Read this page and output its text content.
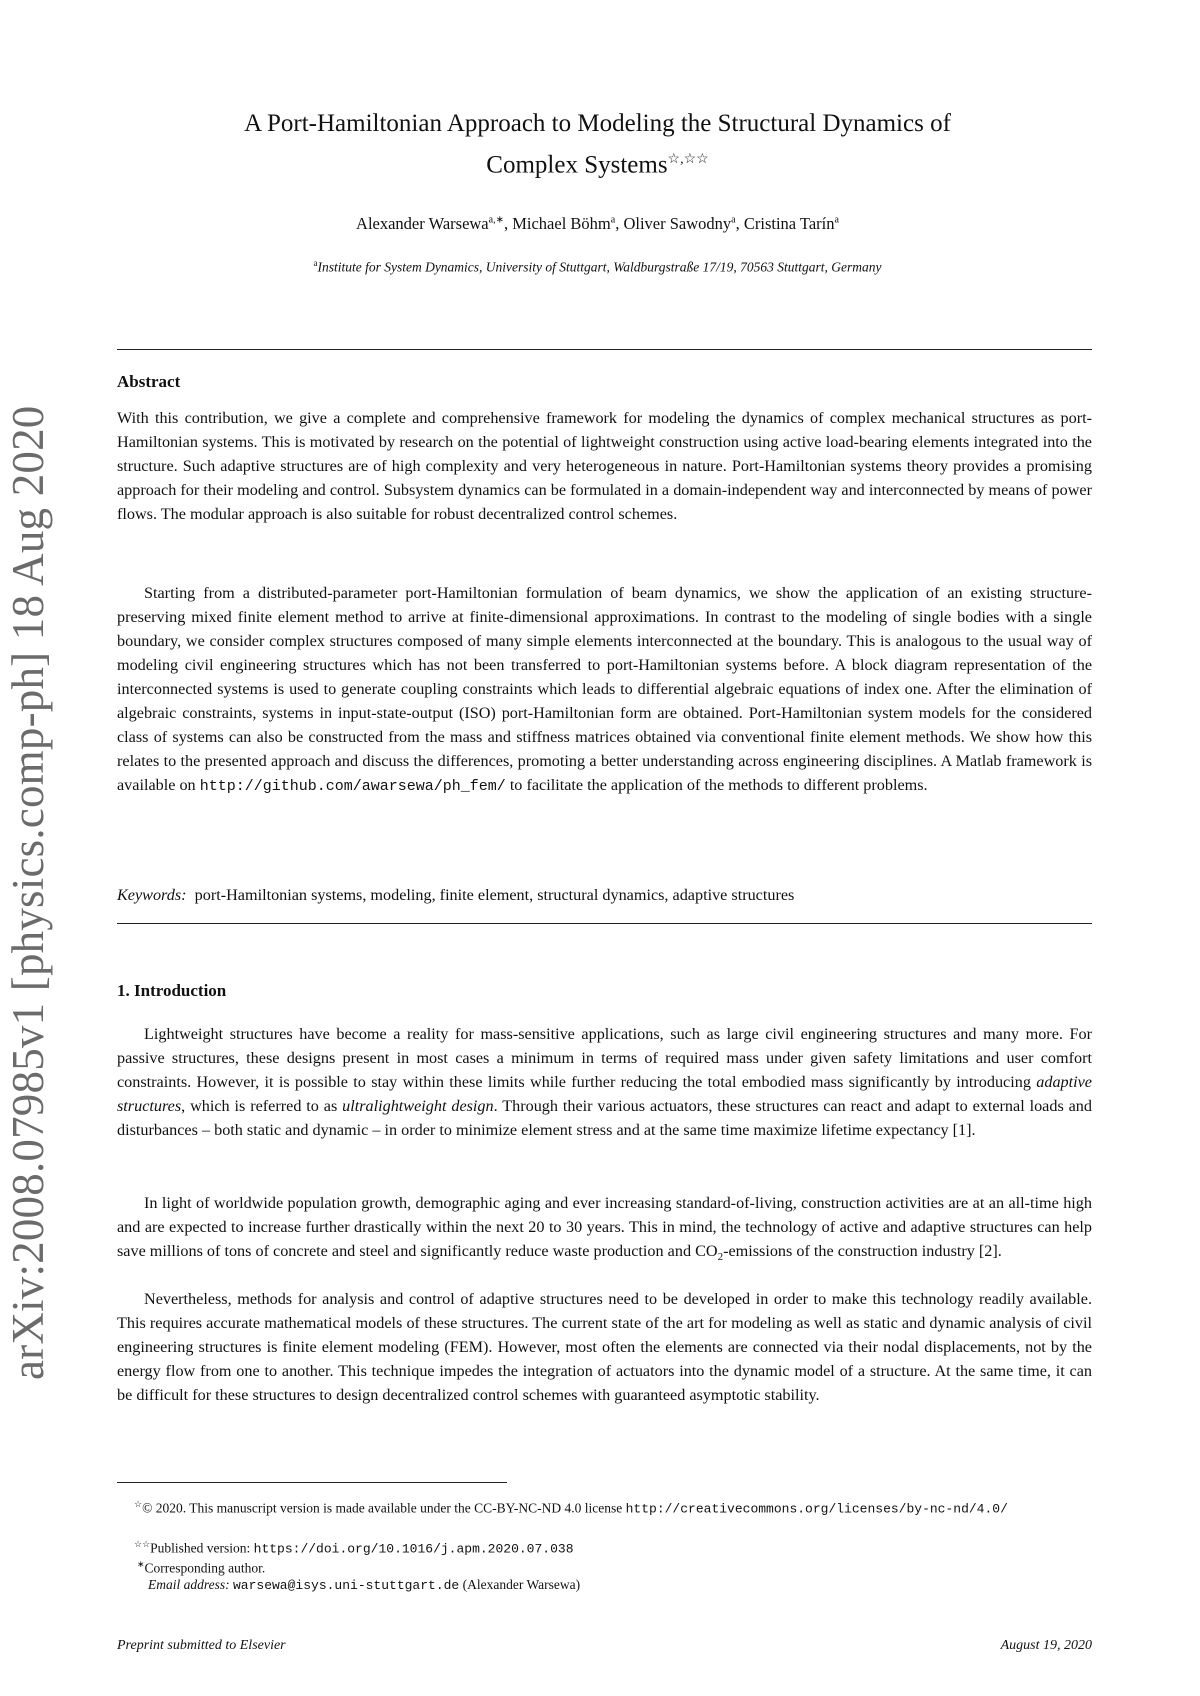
arXiv:2008.07985v1 [physics.comp-ph] 18 Aug 2020
A Port-Hamiltonian Approach to Modeling the Structural Dynamics of
Complex Systems☆,☆☆
Alexander Warsewa$^{a,∗}$, Michael Böhm$^a$, Oliver Sawodny$^a$, Cristina Tarín$^a$
$^a$Institute for System Dynamics, University of Stuttgart, Waldburgstraße 17/19, 70563 Stuttgart, Germany
Abstract
With this contribution, we give a complete and comprehensive framework for modeling the dynamics of complex mechanical structures as port-Hamiltonian systems. This is motivated by research on the potential of lightweight construction using active load-bearing elements integrated into the structure. Such adaptive structures are of high complexity and very heterogeneous in nature. Port-Hamiltonian systems theory provides a promising approach for their modeling and control. Subsystem dynamics can be formulated in a domain-independent way and interconnected by means of power flows. The modular approach is also suitable for robust decentralized control schemes.
Starting from a distributed-parameter port-Hamiltonian formulation of beam dynamics, we show the application of an existing structure-preserving mixed finite element method to arrive at finite-dimensional approximations. In contrast to the modeling of single bodies with a single boundary, we consider complex structures composed of many simple elements interconnected at the boundary. This is analogous to the usual way of modeling civil engineering structures which has not been transferred to port-Hamiltonian systems before. A block diagram representation of the interconnected systems is used to generate coupling constraints which leads to differential algebraic equations of index one. After the elimination of algebraic constraints, systems in input-state-output (ISO) port-Hamiltonian form are obtained. Port-Hamiltonian system models for the considered class of systems can also be constructed from the mass and stiffness matrices obtained via conventional finite element methods. We show how this relates to the presented approach and discuss the differences, promoting a better understanding across engineering disciplines. A Matlab framework is available on http://github.com/awarsewa/ph_fem/ to facilitate the application of the methods to different problems.
Keywords: port-Hamiltonian systems, modeling, finite element, structural dynamics, adaptive structures
1. Introduction
Lightweight structures have become a reality for mass-sensitive applications, such as large civil engineering structures and many more. For passive structures, these designs present in most cases a minimum in terms of required mass under given safety limitations and user comfort constraints. However, it is possible to stay within these limits while further reducing the total embodied mass significantly by introducing adaptive structures, which is referred to as ultralightweight design. Through their various actuators, these structures can react and adapt to external loads and disturbances – both static and dynamic – in order to minimize element stress and at the same time maximize lifetime expectancy [1].
In light of worldwide population growth, demographic aging and ever increasing standard-of-living, construction activities are at an all-time high and are expected to increase further drastically within the next 20 to 30 years. This in mind, the technology of active and adaptive structures can help save millions of tons of concrete and steel and significantly reduce waste production and $CO_2$-emissions of the construction industry [2].
Nevertheless, methods for analysis and control of adaptive structures need to be developed in order to make this technology readily available. This requires accurate mathematical models of these structures. The current state of the art for modeling as well as static and dynamic analysis of civil engineering structures is finite element modeling (FEM). However, most often the elements are connected via their nodal displacements, not by the energy flow from one to another. This technique impedes the integration of actuators into the dynamic model of a structure. At the same time, it can be difficult for these structures to design decentralized control schemes with guaranteed asymptotic stability.
☆© 2020. This manuscript version is made available under the CC-BY-NC-ND 4.0 license http://creativecommons.org/licenses/by-nc-nd/4.0/
☆☆Published version: https://doi.org/10.1016/j.apm.2020.07.038
∗Corresponding author.
Email address: warsewa@isys.uni-stuttgart.de (Alexander Warsewa)
Preprint submitted to Elsevier	August 19, 2020
